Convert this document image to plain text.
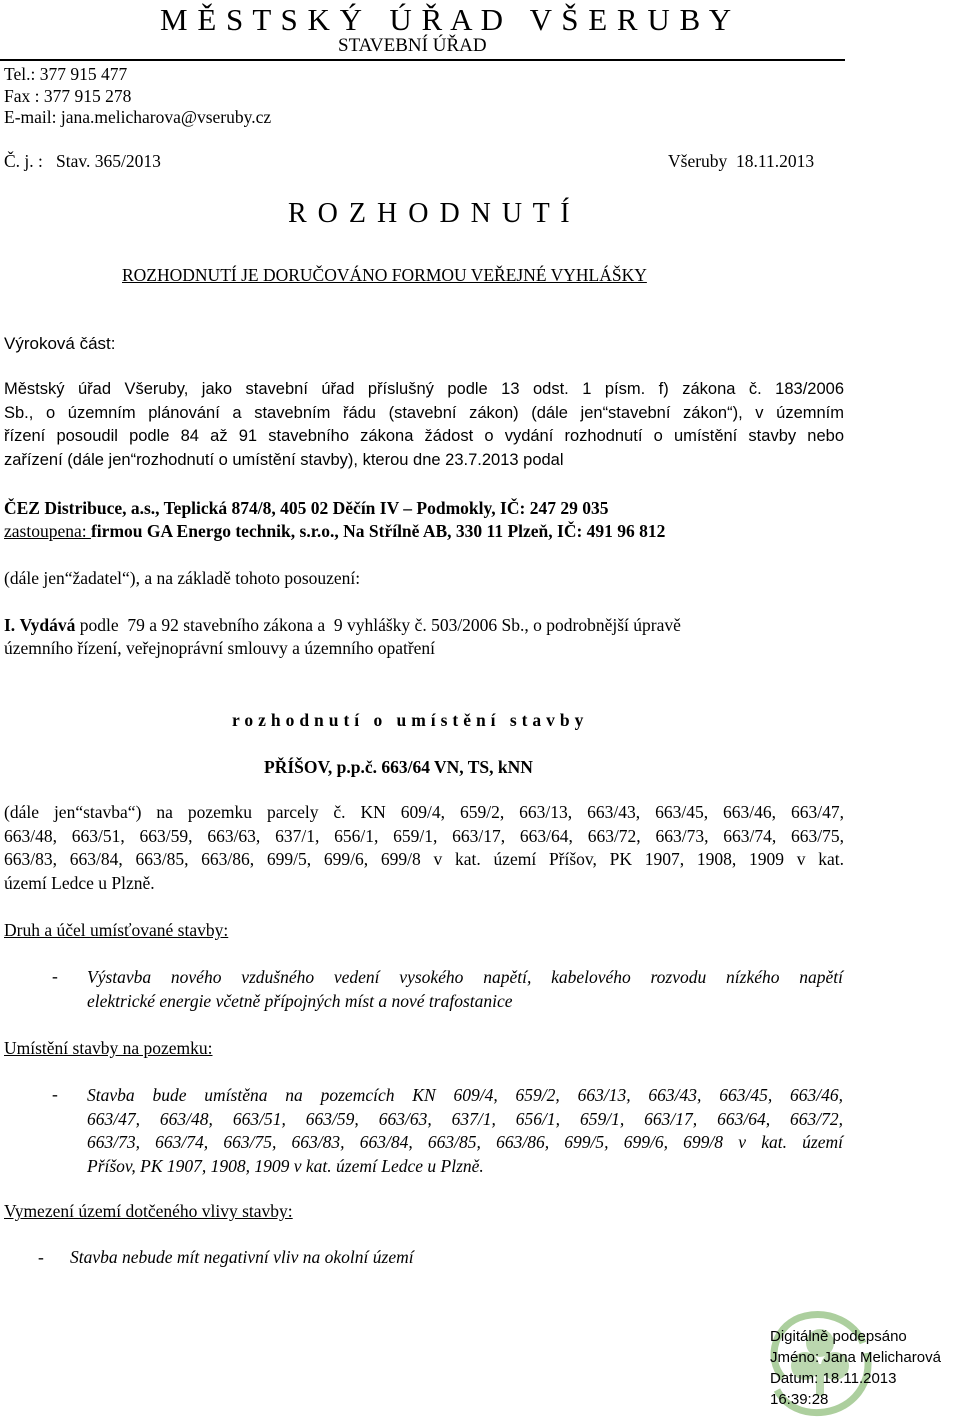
M Ě S T S K Ý   Ú Ř A D   V Š E R U B Y
STAVEBNÍ ÚŘAD
Tel.: 377 915 477
Fax : 377 915 278
E-mail: jana.melicharova@vseruby.cz
Č. j. :   Stav. 365/2013	Všeruby  18.11.2013
R O Z H O D N U T Í
ROZHODNUTÍ JE DORUČOVÁNO FORMOU VEŘEJNÉ VYHLÁŠKY
Výroková část:
Městský úřad Všeruby, jako stavební úřad příslušný podle 13 odst. 1 písm. f) zákona č. 183/2006
Sb., o územním plánování a stavebním řádu (stavební zákon) (dále jen“stavební zákon“), v územním
řízení posoudil podle 84 až 91 stavebního zákona žádost o vydání rozhodnutí o umístění stavby nebo
zařízení (dále jen“rozhodnutí o umístění stavby), kterou dne 23.7.2013 podal
ČEZ Distribuce, a.s., Teplická 874/8, 405 02 Děčín IV – Podmokly, IČ: 247 29 035
zastoupena: firmou GA Energo technik, s.r.o., Na Střílně AB, 330 11 Plzeň, IČ: 491 96 812
(dále jen“žadatel“), a na základě tohoto posouzení:
I. Vydává podle  79 a 92 stavebního zákona a  9 vyhlášky č. 503/2006 Sb., o podrobnější úpravě
územního řízení, veřejnoprávní smlouvy a územního opatření
r o z h o d n u t í   o   u m í s t ě n í   s t a v b y
PŘÍŠOV, p.p.č. 663/64 VN, TS, kNN
(dále jen“stavba“) na pozemku parcely č. KN 609/4, 659/2, 663/13, 663/43, 663/45, 663/46, 663/47,
663/48, 663/51, 663/59, 663/63, 637/1, 656/1, 659/1, 663/17, 663/64, 663/72, 663/73, 663/74, 663/75,
663/83, 663/84, 663/85, 663/86, 699/5, 699/6, 699/8 v kat. území Příšov, PK 1907, 1908, 1909 v kat.
území Ledce u Plzně.
Druh a účel umísťované stavby:
- Výstavba nového vzdušného vedení vysokého napětí, kabelového rozvodu nízkého napětí
elektrické energie včetně přípojných míst a nové trafostanice
Umístění stavby na pozemku:
- Stavba bude umístěna na pozemcích KN 609/4, 659/2, 663/13, 663/43, 663/45, 663/46,
663/47, 663/48, 663/51, 663/59, 663/63, 637/1, 656/1, 659/1, 663/17, 663/64, 663/72,
663/73, 663/74, 663/75, 663/83, 663/84, 663/85, 663/86, 699/5, 699/6, 699/8 v kat. území
Příšov, PK 1907, 1908, 1909 v kat. území Ledce u Plzně.
Vymezení území dotčeného vlivy stavby:
- Stavba nebude mít negativní vliv na okolní území
Digitálně podepsáno
Jméno: Jana Melicharová
Datum: 18.11.2013
16:39:28
